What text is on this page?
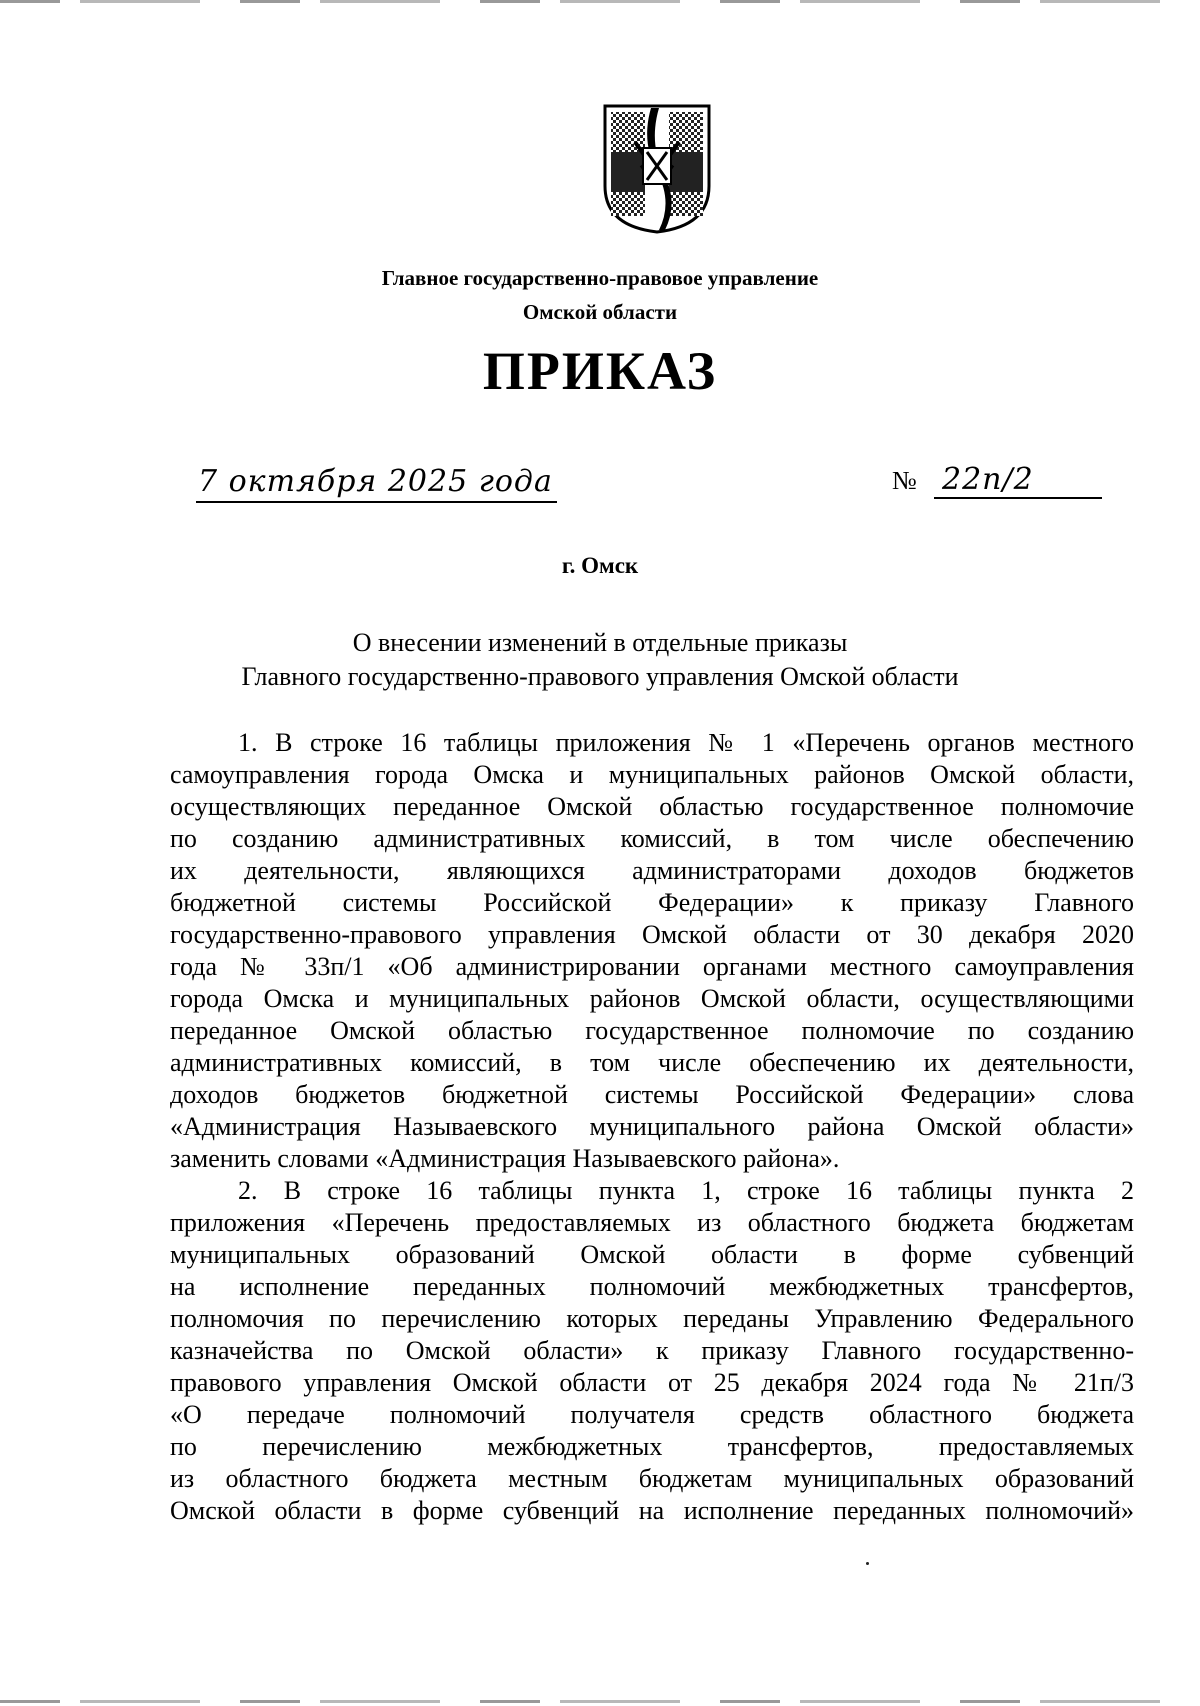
Главное государственно-правовое управление
Омской области
ПРИКАЗ
7 октября 2025 года	№ 22п/2
г. Омск
О внесении изменений в отдельные приказы
Главного государственно-правового управления Омской области
1. В строке 16 таблицы приложения № 1 «Перечень органов местного
самоуправления города Омска и муниципальных районов Омской области,
осуществляющих переданное Омской областью государственное полномочие
по созданию административных комиссий, в том числе обеспечению
их деятельности, являющихся администраторами доходов бюджетов
бюджетной системы Российской Федерации» к приказу Главного
государственно-правового управления Омской области от 30 декабря 2020
года № 33п/1 «Об администрировании органами местного самоуправления
города Омска и муниципальных районов Омской области, осуществляющими
переданное Омской областью государственное полномочие по созданию
административных комиссий, в том числе обеспечению их деятельности,
доходов бюджетов бюджетной системы Российской Федерации» слова
«Администрация Называевского муниципального района Омской области»
заменить словами «Администрация Называевского района».
2. В строке 16 таблицы пункта 1, строке 16 таблицы пункта 2
приложения «Перечень предоставляемых из областного бюджета бюджетам
муниципальных образований Омской области в форме субвенций
на исполнение переданных полномочий межбюджетных трансфертов,
полномочия по перечислению которых переданы Управлению Федерального
казначейства по Омской области» к приказу Главного государственно-
правового управления Омской области от 25 декабря 2024 года № 21п/3
«О передаче полномочий получателя средств областного бюджета
по перечислению межбюджетных трансфертов, предоставляемых
из областного бюджета местным бюджетам муниципальных образований
Омской области в форме субвенций на исполнение переданных полномочий»
